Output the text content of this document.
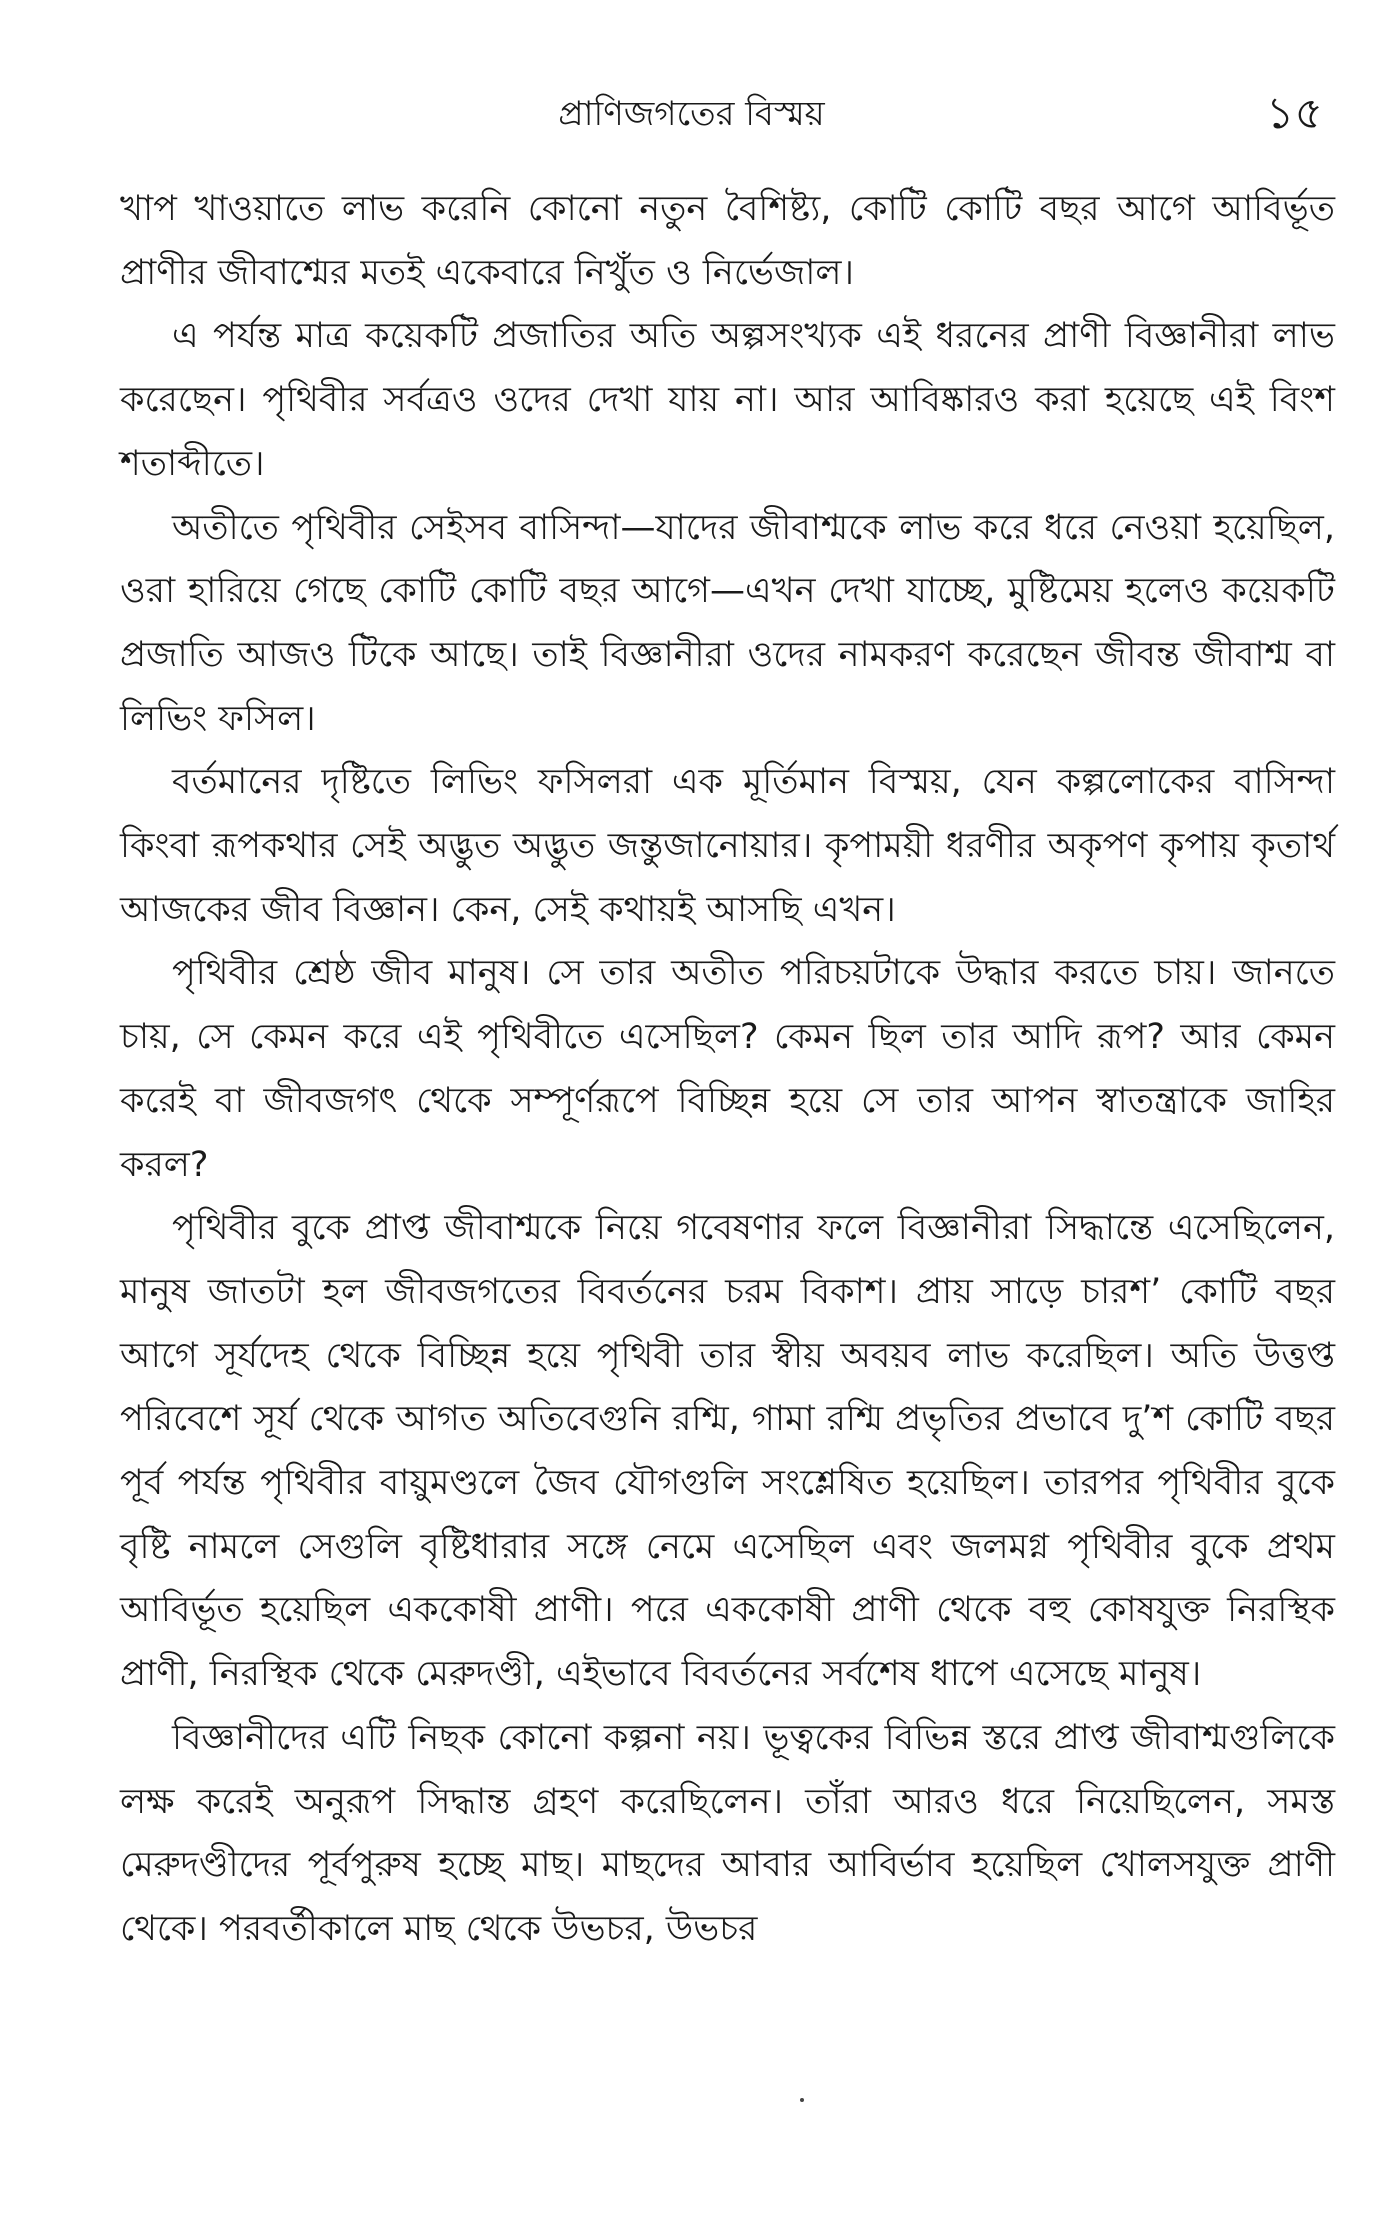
প্রাণিজগতের বিস্ময়	১৫

খাপ খাওয়াতে লাভ করেনি কোনো নতুন বৈশিষ্ট্য, কোটি কোটি বছর আগে আবির্ভূত প্রাণীর জীবাশ্মের মতই একেবারে নিখুঁত ও নির্ভেজাল।

এ পর্যন্ত মাত্র কয়েকটি প্রজাতির অতি অল্পসংখ্যক এই ধরনের প্রাণী বিজ্ঞানীরা লাভ করেছেন। পৃথিবীর সর্বত্রও ওদের দেখা যায় না। আর আবিষ্কারও করা হয়েছে এই বিংশ শতাব্দীতে।

অতীতে পৃথিবীর সেইসব বাসিন্দা—যাদের জীবাশ্মকে লাভ করে ধরে নেওয়া হয়েছিল, ওরা হারিয়ে গেছে কোটি কোটি বছর আগে—এখন দেখা যাচ্ছে, মুষ্টিমেয় হলেও কয়েকটি প্রজাতি আজও টিকে আছে। তাই বিজ্ঞানীরা ওদের নামকরণ করেছেন জীবন্ত জীবাশ্ম বা লিভিং ফসিল।

বর্তমানের দৃষ্টিতে লিভিং ফসিলরা এক মূর্তিমান বিস্ময়, যেন কল্পলোকের বাসিন্দা কিংবা রূপকথার সেই অদ্ভুত অদ্ভুত জন্তুজানোয়ার। কৃপাময়ী ধরণীর অকৃপণ কৃপায় কৃতার্থ আজকের জীব বিজ্ঞান। কেন, সেই কথায়ই আসছি এখন।

পৃথিবীর শ্রেষ্ঠ জীব মানুষ। সে তার অতীত পরিচয়টাকে উদ্ধার করতে চায়। জানতে চায়, সে কেমন করে এই পৃথিবীতে এসেছিল? কেমন ছিল তার আদি রূপ? আর কেমন করেই বা জীবজগৎ থেকে সম্পূর্ণরূপে বিচ্ছিন্ন হয়ে সে তার আপন স্বাতন্ত্রাকে জাহির করল?

পৃথিবীর বুকে প্রাপ্ত জীবাশ্মকে নিয়ে গবেষণার ফলে বিজ্ঞানীরা সিদ্ধান্তে এসেছিলেন, মানুষ জাতটা হল জীবজগতের বিবর্তনের চরম বিকাশ। প্রায় সাড়ে চারশ’ কোটি বছর আগে সূর্যদেহ থেকে বিচ্ছিন্ন হয়ে পৃথিবী তার স্বীয় অবয়ব লাভ করেছিল। অতি উত্তপ্ত পরিবেশে সূর্য থেকে আগত অতিবেগুনি রশ্মি, গামা রশ্মি প্রভৃতির প্রভাবে দু’শ কোটি বছর পূর্ব পর্যন্ত পৃথিবীর বায়ুমণ্ডলে জৈব যৌগগুলি সংশ্লেষিত হয়েছিল। তারপর পৃথিবীর বুকে বৃষ্টি নামলে সেগুলি বৃষ্টিধারার সঙ্গে নেমে এসেছিল এবং জলমগ্ন পৃথিবীর বুকে প্রথম আবির্ভূত হয়েছিল এককোষী প্রাণী। পরে এককোষী প্রাণী থেকে বহু কোষযুক্ত নিরস্থিক প্রাণী, নিরস্থিক থেকে মেরুদণ্ডী, এইভাবে বিবর্তনের সর্বশেষ ধাপে এসেছে মানুষ।

বিজ্ঞানীদের এটি নিছক কোনো কল্পনা নয়। ভূত্বকের বিভিন্ন স্তরে প্রাপ্ত জীবাশ্মগুলিকে লক্ষ করেই অনুরূপ সিদ্ধান্ত গ্রহণ করেছিলেন। তাঁরা আরও ধরে নিয়েছিলেন, সমস্ত মেরুদণ্ডীদের পূর্বপুরুষ হচ্ছে মাছ। মাছদের আবার আবির্ভাব হয়েছিল খোলসযুক্ত প্রাণী থেকে। পরবর্তীকালে মাছ থেকে উভচর, উভচর
